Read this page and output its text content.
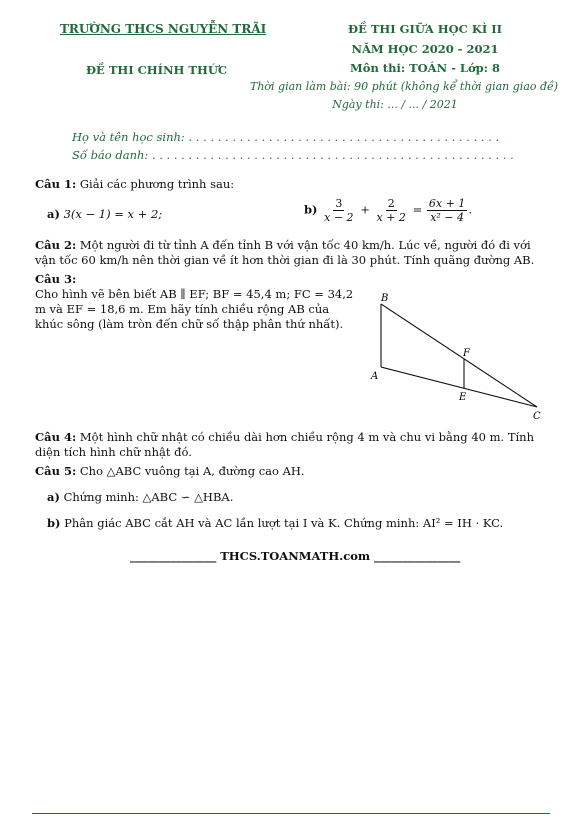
TRƯỜNG THCS NGUYỄN TRÃI
ĐỀ THI CHÍNH THỨC
ĐỀ THI GIỮA HỌC KÌ II
NĂM HỌC 2020 - 2021
Môn thi: TOÁN - Lớp: 8
Thời gian làm bài: 90 phút (không kể thời gian giao đề)
Ngày thi: ... / ... / 2021
Họ và tên học sinh: . . . . . . . . . . . . . . . . . . . . . . . . . . . . . . . . . . . . . . . . . . .
Số báo danh: . . . . . . . . . . . . . . . . . . . . . . . . . . . . . . . . . . . . . . . . . . . . . . . . . .
Câu 1: Giải các phương trình sau:
a) 3(x − 1) = x + 2;	$b) \frac{3}{x - 2} + \frac{2}{x + 2} = \frac{6x + 1}{\text{x² − 4}}$ .
Câu 2: Một người đi từ tỉnh A đến tỉnh B với vận tốc 40 km/h. Lúc về, người đó đi với vận tốc 60 km/h nên thời gian về ít hơn thời gian đi là 30 phút. Tính quãng đường AB.
Câu 3:
Cho hình vẽ bên biết AB ∥ EF; BF = 45,4 m; FC = 34,2 m và EF = 18,6 m. Em hãy tính chiều rộng AB của khúc sông (làm tròn đến chữ số thập phân thứ nhất).
B
F
A
E
C
Câu 4: Một hình chữ nhật có chiều dài hơn chiều rộng 4 m và chu vi bằng 40 m. Tính diện tích hình chữ nhật đó.
Câu 5: Cho △ABC vuông tại A, đường cao AH.
a) Chứng minh: △ABC ∽ △HBA.
b) Phân giác ABC cắt AH và AC lần lượt tại I và K. Chứng minh: AI² = IH · KC.
_______________ THCS.TOANMATH.com _______________
